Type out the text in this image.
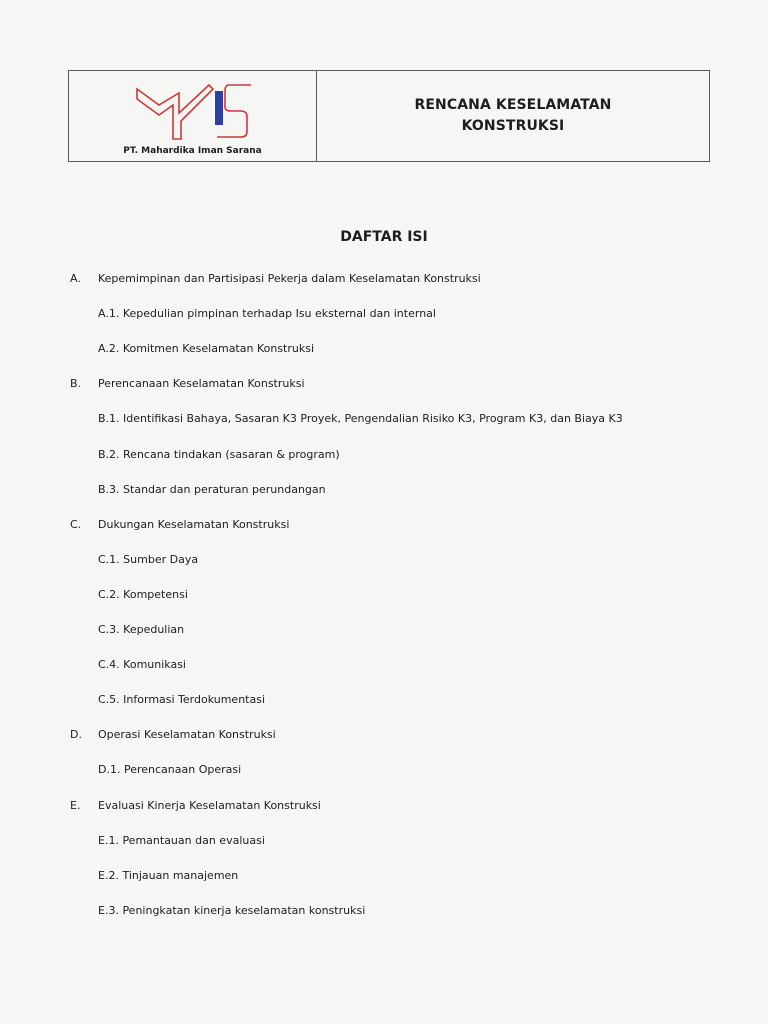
PT. Mahardika Iman Sarana
RENCANA KESELAMATAN
KONSTRUKSI
DAFTAR ISI
A. Kepemimpinan dan Partisipasi Pekerja dalam Keselamatan Konstruksi
A.1. Kepedulian pimpinan terhadap Isu eksternal dan internal
A.2. Komitmen Keselamatan Konstruksi
B. Perencanaan Keselamatan Konstruksi
B.1. Identifikasi Bahaya, Sasaran K3 Proyek, Pengendalian Risiko K3, Program K3, dan Biaya K3
B.2. Rencana tindakan (sasaran & program)
B.3. Standar dan peraturan perundangan
C. Dukungan Keselamatan Konstruksi
C.1. Sumber Daya
C.2. Kompetensi
C.3. Kepedulian
C.4. Komunikasi
C.5. Informasi Terdokumentasi
D. Operasi Keselamatan Konstruksi
D.1. Perencanaan Operasi
E. Evaluasi Kinerja Keselamatan Konstruksi
E.1. Pemantauan dan evaluasi
E.2. Tinjauan manajemen
E.3. Peningkatan kinerja keselamatan konstruksi
